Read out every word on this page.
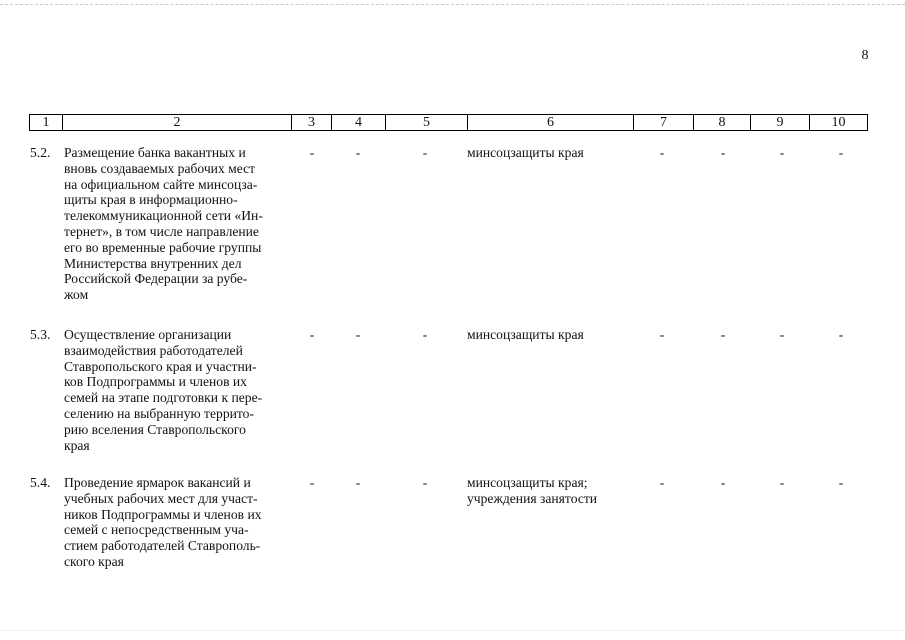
8
1	2	3	4	5	6	7	8	9	10
5.2. Размещение банка вакантных и
вновь создаваемых рабочих мест
на официальном сайте минсоцза-
щиты края в информационно-
телекоммуникационной сети «Ин-
тернет», в том числе направление
его во временные рабочие группы
Министерства внутренних дел
Российской Федерации за рубе-
жом
-	-	-	минсоцзащиты края	-	-	-	-
5.3. Осуществление организации
взаимодействия работодателей
Ставропольского края и участни-
ков Подпрограммы и членов их
семей на этапе подготовки к пере-
селению на выбранную террито-
рию вселения Ставропольского
края
-	-	-	минсоцзащиты края	-	-	-	-
5.4. Проведение ярмарок вакансий и
учебных рабочих мест для участ-
ников Подпрограммы и членов их
семей с непосредственным уча-
стием работодателей Ставрополь-
ского края
-	-	-	минсоцзащиты края;
учреждения занятости
-	-	-	-
